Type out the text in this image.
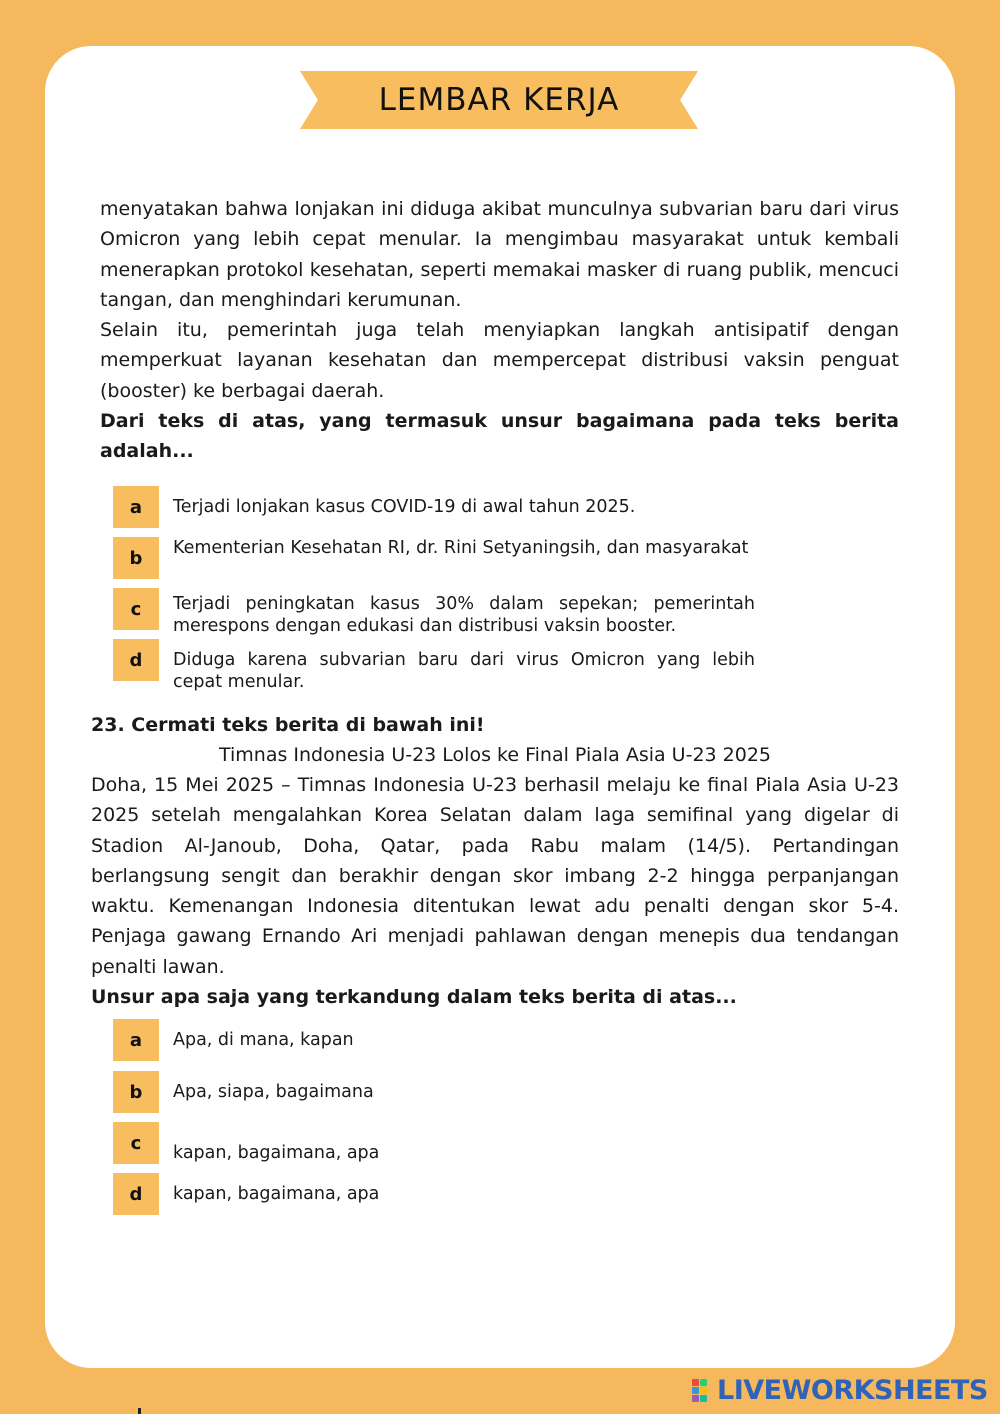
LEMBAR KERJA

menyatakan bahwa lonjakan ini diduga akibat munculnya subvarian baru dari virus Omicron yang lebih cepat menular. Ia mengimbau masyarakat untuk kembali menerapkan protokol kesehatan, seperti memakai masker di ruang publik, mencuci tangan, dan menghindari kerumunan.

Selain itu, pemerintah juga telah menyiapkan langkah antisipatif dengan memperkuat layanan kesehatan dan mempercepat distribusi vaksin penguat (booster) ke berbagai daerah.

Dari teks di atas, yang termasuk unsur bagaimana pada teks berita adalah...

a	Terjadi lonjakan kasus COVID-19 di awal tahun 2025.
b	Kementerian Kesehatan RI, dr. Rini Setyaningsih, dan masyarakat
c	Terjadi peningkatan kasus 30% dalam sepekan; pemerintah merespons dengan edukasi dan distribusi vaksin booster.
d	Diduga karena subvarian baru dari virus Omicron yang lebih cepat menular.
23. Cermati teks berita di bawah ini!
Timnas Indonesia U-23 Lolos ke Final Piala Asia U-23 2025

Doha, 15 Mei 2025 – Timnas Indonesia U-23 berhasil melaju ke final Piala Asia U-23 2025 setelah mengalahkan Korea Selatan dalam laga semifinal yang digelar di Stadion Al-Janoub, Doha, Qatar, pada Rabu malam (14/5). Pertandingan berlangsung sengit dan berakhir dengan skor imbang 2-2 hingga perpanjangan waktu. Kemenangan Indonesia ditentukan lewat adu penalti dengan skor 5-4. Penjaga gawang Ernando Ari menjadi pahlawan dengan menepis dua tendangan penalti lawan.

Unsur apa saja yang terkandung dalam teks berita di atas...

a	Apa, di mana, kapan
b	Apa, siapa, bagaimana
c	kapan, bagaimana, apa
d	kapan, bagaimana, apa
LIVEWORKSHEETS
